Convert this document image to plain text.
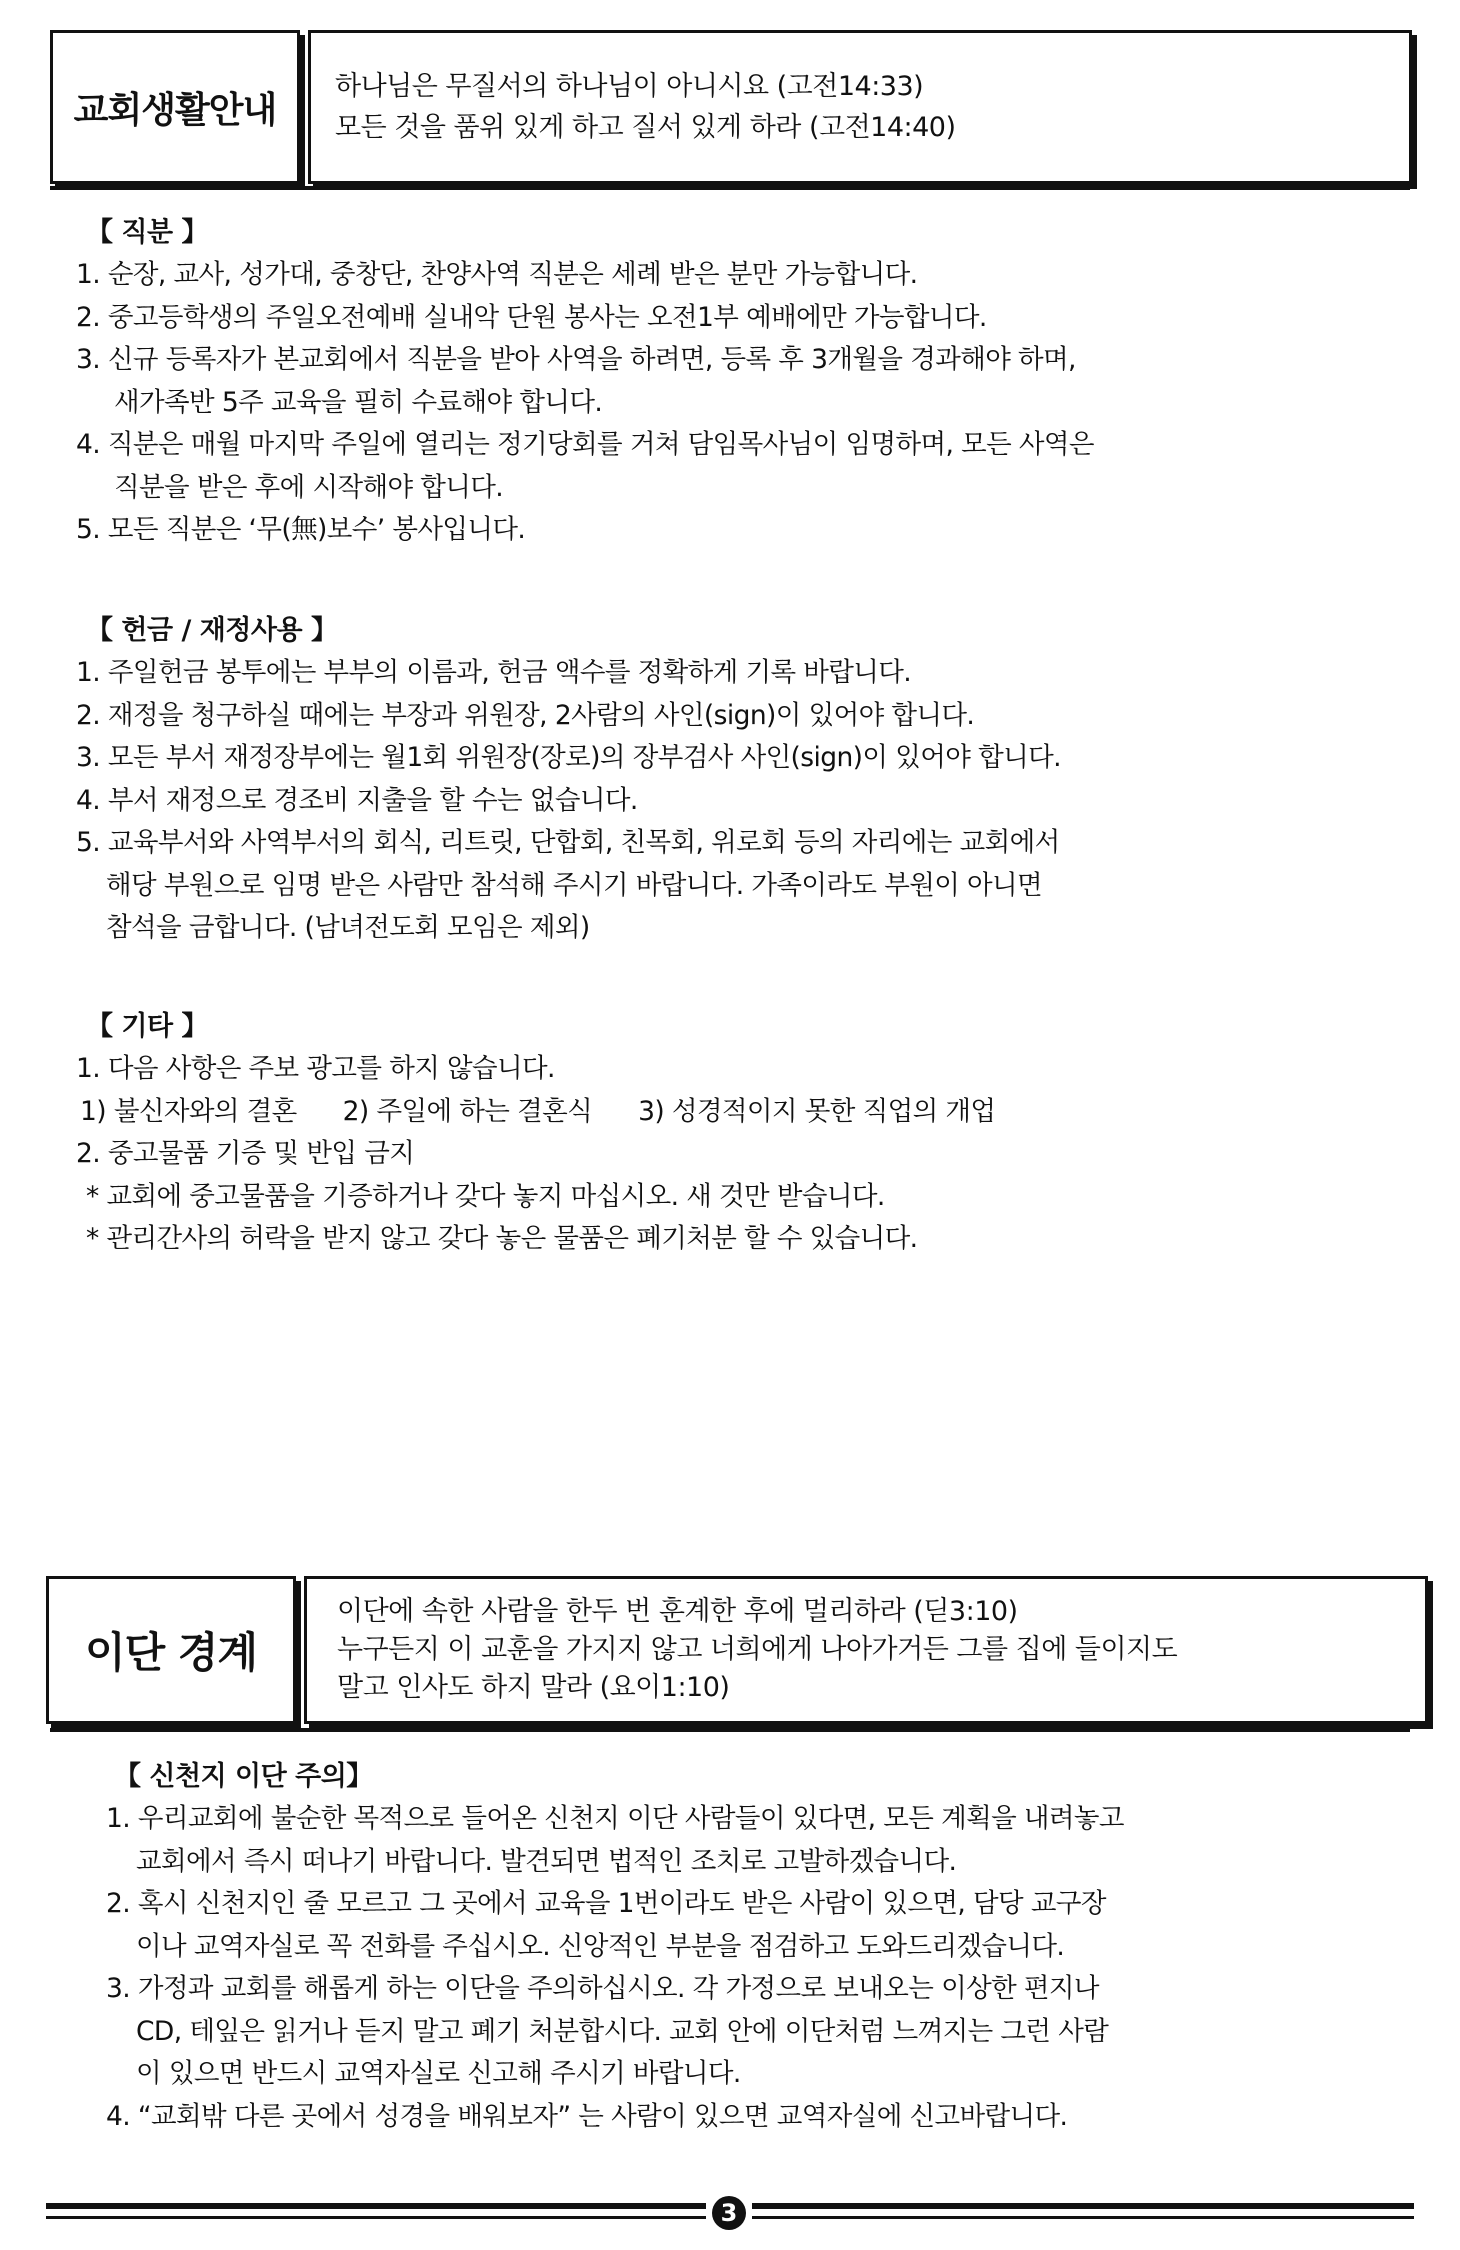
교회생활안내
하나님은 무질서의 하나님이 아니시요 (고전14:33)
모든 것을 품위 있게 하고 질서 있게 하라 (고전14:40)
【 직분 】
1. 순장, 교사, 성가대, 중창단, 찬양사역 직분은 세례 받은 분만 가능합니다.
2. 중고등학생의 주일오전예배 실내악 단원 봉사는 오전1부 예배에만 가능합니다.
3. 신규 등록자가 본교회에서 직분을 받아 사역을 하려면, 등록 후 3개월을 경과해야 하며,
새가족반 5주 교육을 필히 수료해야 합니다.
4. 직분은 매월 마지막 주일에 열리는 정기당회를 거쳐 담임목사님이 임명하며, 모든 사역은
직분을 받은 후에 시작해야 합니다.
5. 모든 직분은 ‘무(無)보수’ 봉사입니다.
【 헌금 / 재정사용 】
1. 주일헌금 봉투에는 부부의 이름과, 헌금 액수를 정확하게 기록 바랍니다.
2. 재정을 청구하실 때에는 부장과 위원장, 2사람의 사인(sign)이 있어야 합니다.
3. 모든 부서 재정장부에는 월1회 위원장(장로)의 장부검사 사인(sign)이 있어야 합니다.
4. 부서 재정으로 경조비 지출을 할 수는 없습니다.
5. 교육부서와 사역부서의 회식, 리트릿, 단합회, 친목회, 위로회 등의 자리에는 교회에서
해당 부원으로 임명 받은 사람만 참석해 주시기 바랍니다. 가족이라도 부원이 아니면
참석을 금합니다. (남녀전도회 모임은 제외)
【 기타 】
1. 다음 사항은 주보 광고를 하지 않습니다.
1) 불신자와의 결혼 2) 주일에 하는 결혼식 3) 성경적이지 못한 직업의 개업
2. 중고물품 기증 및 반입 금지
* 교회에 중고물품을 기증하거나 갖다 놓지 마십시오. 새 것만 받습니다.
* 관리간사의 허락을 받지 않고 갖다 놓은 물품은 폐기처분 할 수 있습니다.
이단 경계
이단에 속한 사람을 한두 번 훈계한 후에 멀리하라 (딛3:10)
누구든지 이 교훈을 가지지 않고 너희에게 나아가거든 그를 집에 들이지도
말고 인사도 하지 말라 (요이1:10)
【 신천지 이단 주의】
1. 우리교회에 불순한 목적으로 들어온 신천지 이단 사람들이 있다면, 모든 계획을 내려놓고
교회에서 즉시 떠나기 바랍니다. 발견되면 법적인 조치로 고발하겠습니다.
2. 혹시 신천지인 줄 모르고 그 곳에서 교육을 1번이라도 받은 사람이 있으면, 담당 교구장
이나 교역자실로 꼭 전화를 주십시오. 신앙적인 부분을 점검하고 도와드리겠습니다.
3. 가정과 교회를 해롭게 하는 이단을 주의하십시오. 각 가정으로 보내오는 이상한 편지나
CD, 테잎은 읽거나 듣지 말고 폐기 처분합시다. 교회 안에 이단처럼 느껴지는 그런 사람
이 있으면 반드시 교역자실로 신고해 주시기 바랍니다.
4. “교회밖 다른 곳에서 성경을 배워보자” 는 사람이 있으면 교역자실에 신고바랍니다.
3
